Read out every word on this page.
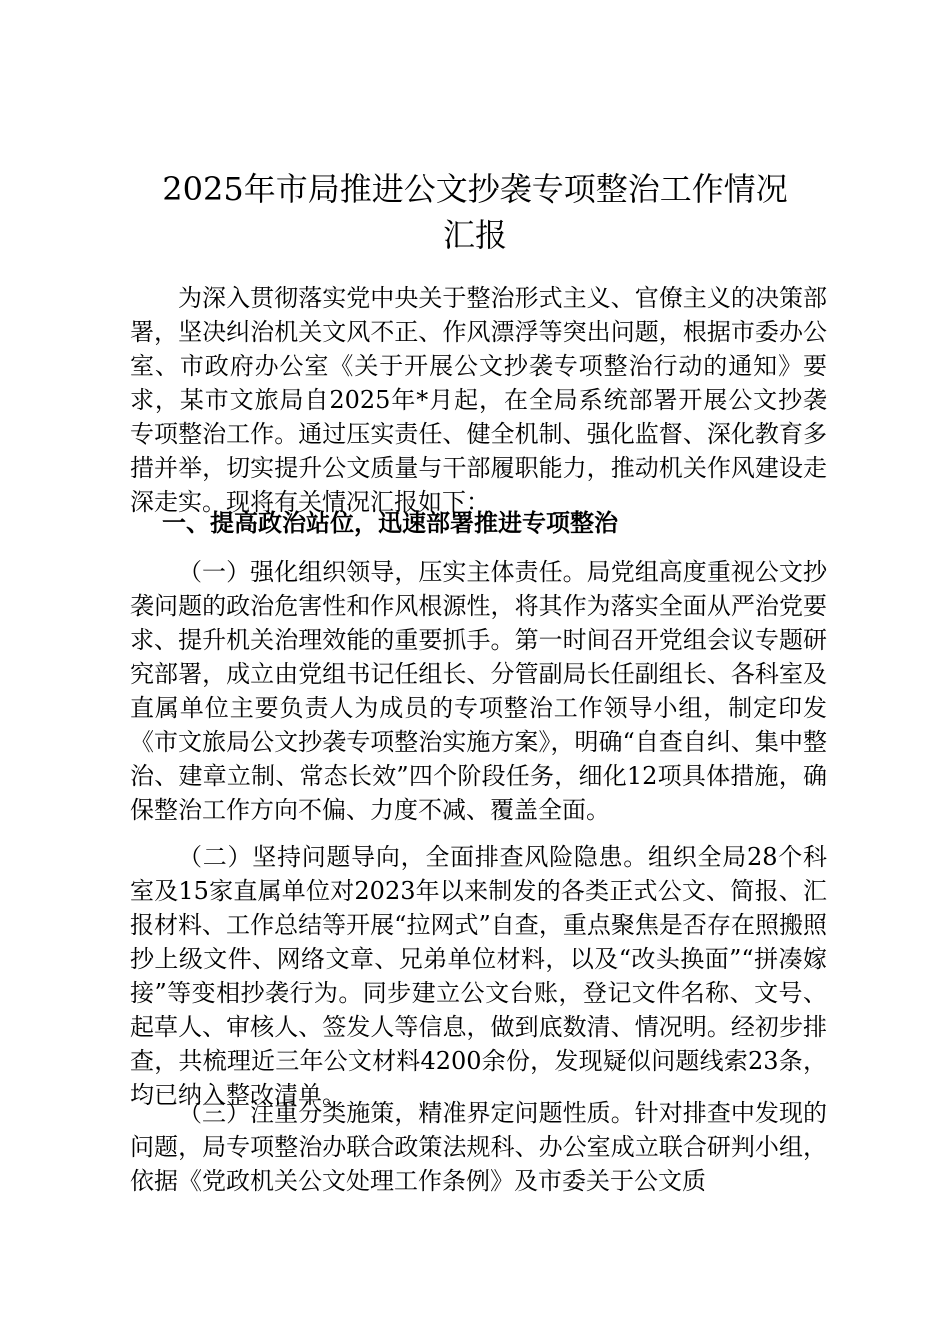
2025年市局推进公文抄袭专项整治工作情况
汇报

为深入贯彻落实党中央关于整治形式主义、官僚主义的决策部署，坚决纠治机关文风不正、作风漂浮等突出问题，根据市委办公室、市政府办公室《关于开展公文抄袭专项整治行动的通知》要求，某市文旅局自2025年*月起，在全局系统部署开展公文抄袭专项整治工作。通过压实责任、健全机制、强化监督、深化教育多措并举，切实提升公文质量与干部履职能力，推动机关作风建设走深走实。现将有关情况汇报如下：

一、提高政治站位，迅速部署推进专项整治

（一）强化组织领导，压实主体责任。局党组高度重视公文抄袭问题的政治危害性和作风根源性，将其作为落实全面从严治党要求、提升机关治理效能的重要抓手。第一时间召开党组会议专题研究部署，成立由党组书记任组长、分管副局长任副组长、各科室及直属单位主要负责人为成员的专项整治工作领导小组，制定印发《市文旅局公文抄袭专项整治实施方案》，明确“自查自纠、集中整治、建章立制、常态长效”四个阶段任务，细化12项具体措施，确保整治工作方向不偏、力度不减、覆盖全面。

（二）坚持问题导向，全面排查风险隐患。组织全局28个科室及15家直属单位对2023年以来制发的各类正式公文、简报、汇报材料、工作总结等开展“拉网式”自查，重点聚焦是否存在照搬照抄上级文件、网络文章、兄弟单位材料，以及“改头换面”“拼凑嫁接”等变相抄袭行为。同步建立公文台账，登记文件名称、文号、起草人、审核人、签发人等信息，做到底数清、情况明。经初步排查，共梳理近三年公文材料4200余份，发现疑似问题线索23条，均已纳入整改清单。

（三）注重分类施策，精准界定问题性质。针对排查中发现的问题，局专项整治办联合政策法规科、办公室成立联合研判小组，依据《党政机关公文处理工作条例》及市委关于公文质
